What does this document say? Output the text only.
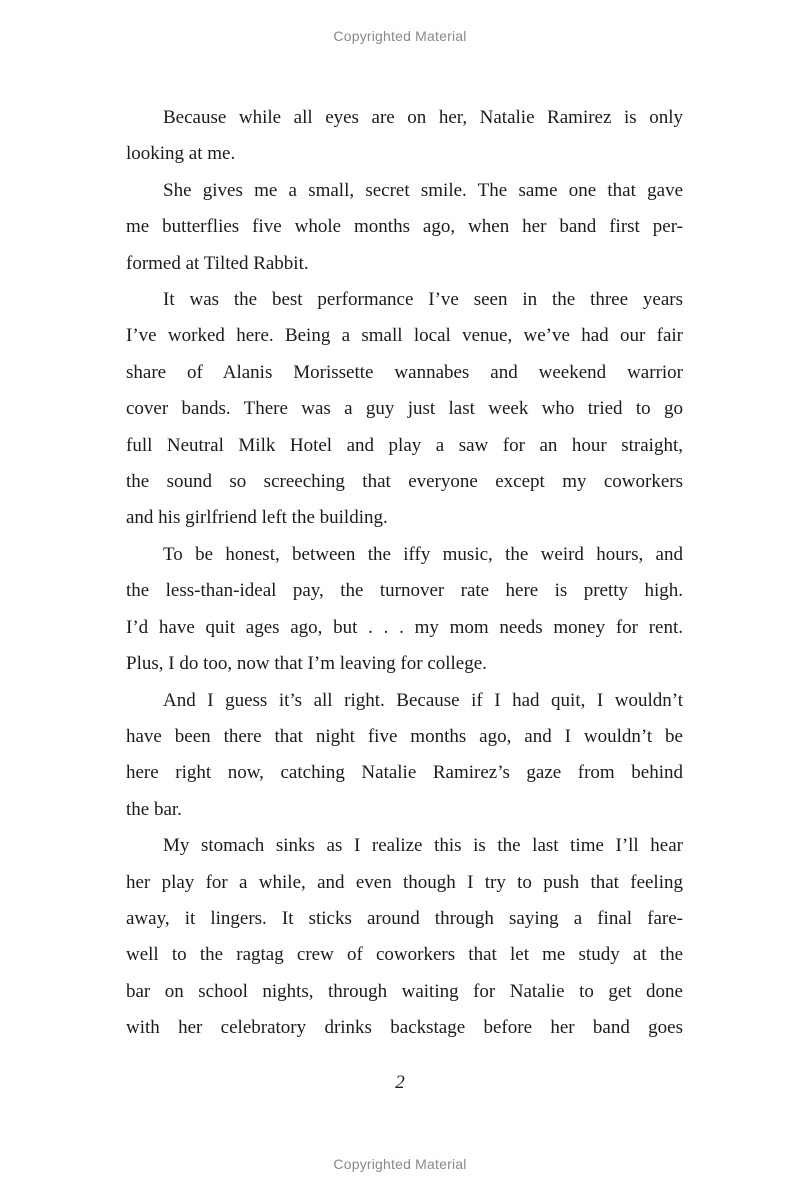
Copyrighted Material

Because while all eyes are on her, Natalie Ramirez is only
looking at me.

She gives me a small, secret smile. The same one that gave
me butterflies five whole months ago, when her band first per-
formed at Tilted Rabbit.

It was the best performance I’ve seen in the three years
I’ve worked here. Being a small local venue, we’ve had our fair
share of Alanis Morissette wannabes and weekend warrior
cover bands. There was a guy just last week who tried to go
full Neutral Milk Hotel and play a saw for an hour straight,
the sound so screeching that everyone except my coworkers
and his girlfriend left the building.

To be honest, between the iffy music, the weird hours, and
the less-than-ideal pay, the turnover rate here is pretty high.
I’d have quit ages ago, but . . . my mom needs money for rent.
Plus, I do too, now that I’m leaving for college.

And I guess it’s all right. Because if I had quit, I wouldn’t
have been there that night five months ago, and I wouldn’t be
here right now, catching Natalie Ramirez’s gaze from behind
the bar.

My stomach sinks as I realize this is the last time I’ll hear
her play for a while, and even though I try to push that feeling
away, it lingers. It sticks around through saying a final fare-
well to the ragtag crew of coworkers that let me study at the
bar on school nights, through waiting for Natalie to get done
with her celebratory drinks backstage before her band goes

2
Copyrighted Material
